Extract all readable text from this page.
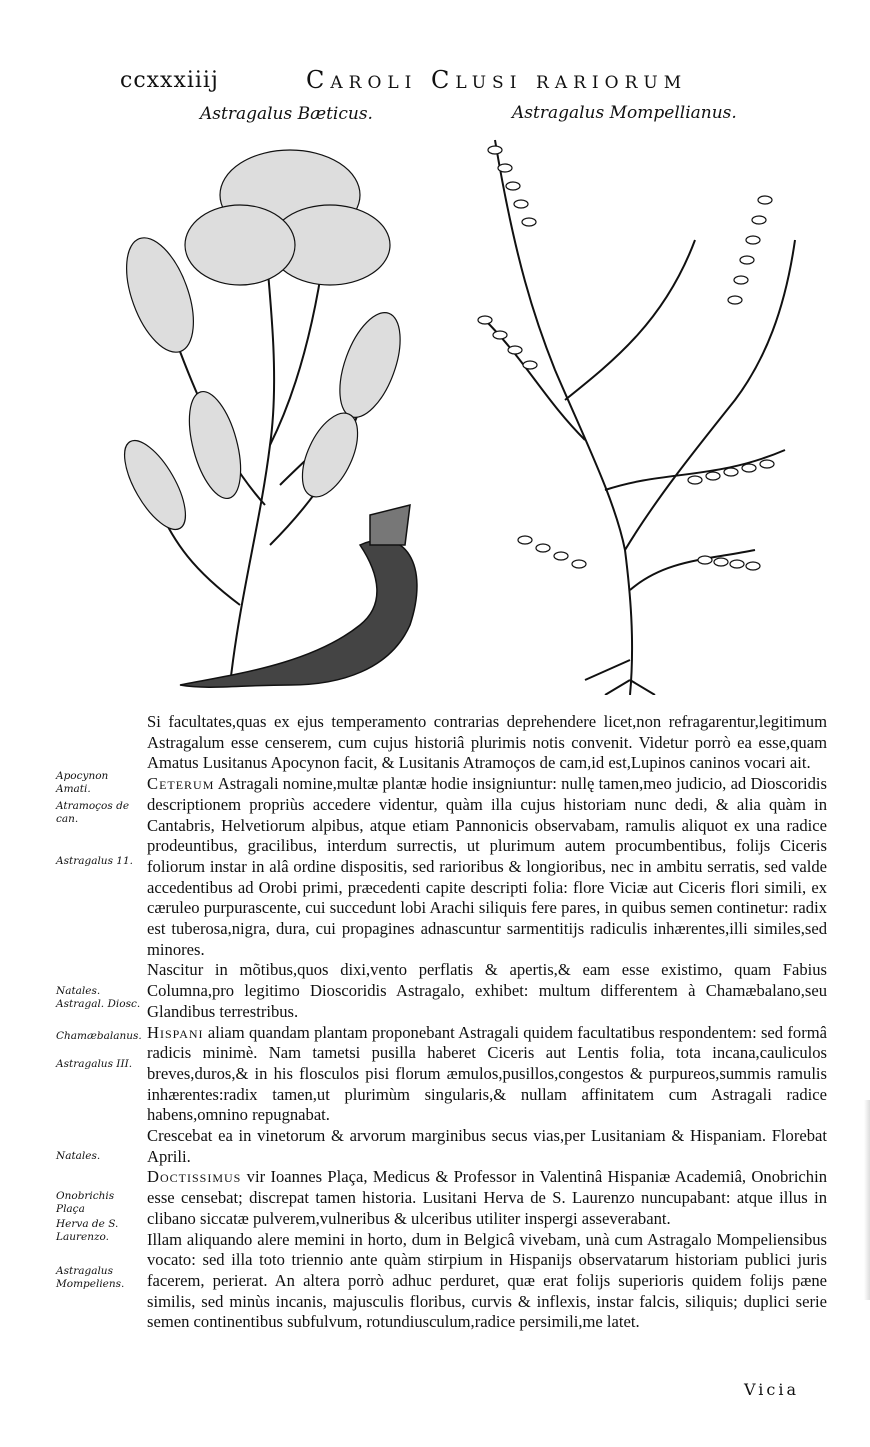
ccxxxiiij	Caroli Clusi rariorum
Astragalus Bæticus.	Astragalus Mompellianus.
Apocynon Amati.
Atramoços de can.
Astragalus 11.
Natales. Astragal. Diosc.
Chamæbalanus.
Astragalus III.
Natales.
Onobrichis Plaça
Herva de S. Laurenzo.
Astragalus Mompeliens.

Si facultates,quas ex ejus temperamento contrarias deprehendere licet,non refragarentur,legitimum Astragalum esse censerem, cum cujus historiâ plurimis notis convenit. Videtur porrò ea esse,quam Amatus Lusitanus Apocynon facit, & Lusitanis Atramoços de cam,id est,Lupinos caninos vocari ait.

Ceterum Astragali nomine,multæ plantæ hodie insigniuntur: nullę tamen,meo judicio, ad Dioscoridis descriptionem propriùs accedere videntur, quàm illa cujus historiam nunc dedi, & alia quàm in Cantabris, Helvetiorum alpibus, atque etiam Pannonicis observabam, ramulis aliquot ex una radice prodeuntibus, gracilibus, interdum surrectis, ut plurimum autem procumbentibus, folijs Ciceris foliorum instar in alâ ordine dispositis, sed rarioribus & longioribus, nec in ambitu serratis, sed valde accedentibus ad Orobi primi, præcedenti capite descripti folia: flore Viciæ aut Ciceris flori simili, ex cæruleo purpurascente, cui succedunt lobi Arachi siliquis fere pares, in quibus semen continetur: radix est tuberosa,nigra, dura, cui propagines adnascuntur sarmentitijs radiculis inhærentes,illi similes,sed minores.

Nascitur in mõtibus,quos dixi,vento perflatis & apertis,& eam esse existimo, quam Fabius Columna,pro legitimo Dioscoridis Astragalo, exhibet: multum differentem à Chamæbalano,seu Glandibus terrestribus.

Hispani aliam quandam plantam proponebant Astragali quidem facultatibus respondentem: sed formâ radicis minimè. Nam tametsi pusilla haberet Ciceris aut Lentis folia, tota incana,cauliculos breves,duros,& in his flosculos pisi florum æmulos,pusillos,congestos & purpureos,summis ramulis inhærentes:radix tamen,ut plurimùm singularis,& nullam affinitatem cum Astragali radice habens,omnino repugnabat.

Crescebat ea in vinetorum & arvorum marginibus secus vias,per Lusitaniam & Hispaniam. Florebat Aprili.

Doctissimus vir Ioannes Plaça, Medicus & Professor in Valentinâ Hispaniæ Academiâ, Onobrichin esse censebat; discrepat tamen historia. Lusitani Herva de S. Laurenzo nuncupabant: atque illus in clibano siccatæ pulverem,vulneribus & ulceribus utiliter inspergi asseverabant.

Illam aliquando alere memini in horto, dum in Belgicâ vivebam, unà cum Astragalo Mompeliensibus vocato: sed illa toto triennio ante quàm stirpium in Hispanijs observatarum historiam publici juris facerem, perierat. An altera porrò adhuc perduret, quæ erat folijs superioris quidem folijs pæne similis, sed minùs incanis, majusculis floribus, curvis & inflexis, instar falcis, siliquis; duplici serie semen continentibus subfulvum, rotundiusculum,radice persimili,me latet.

Vicia
